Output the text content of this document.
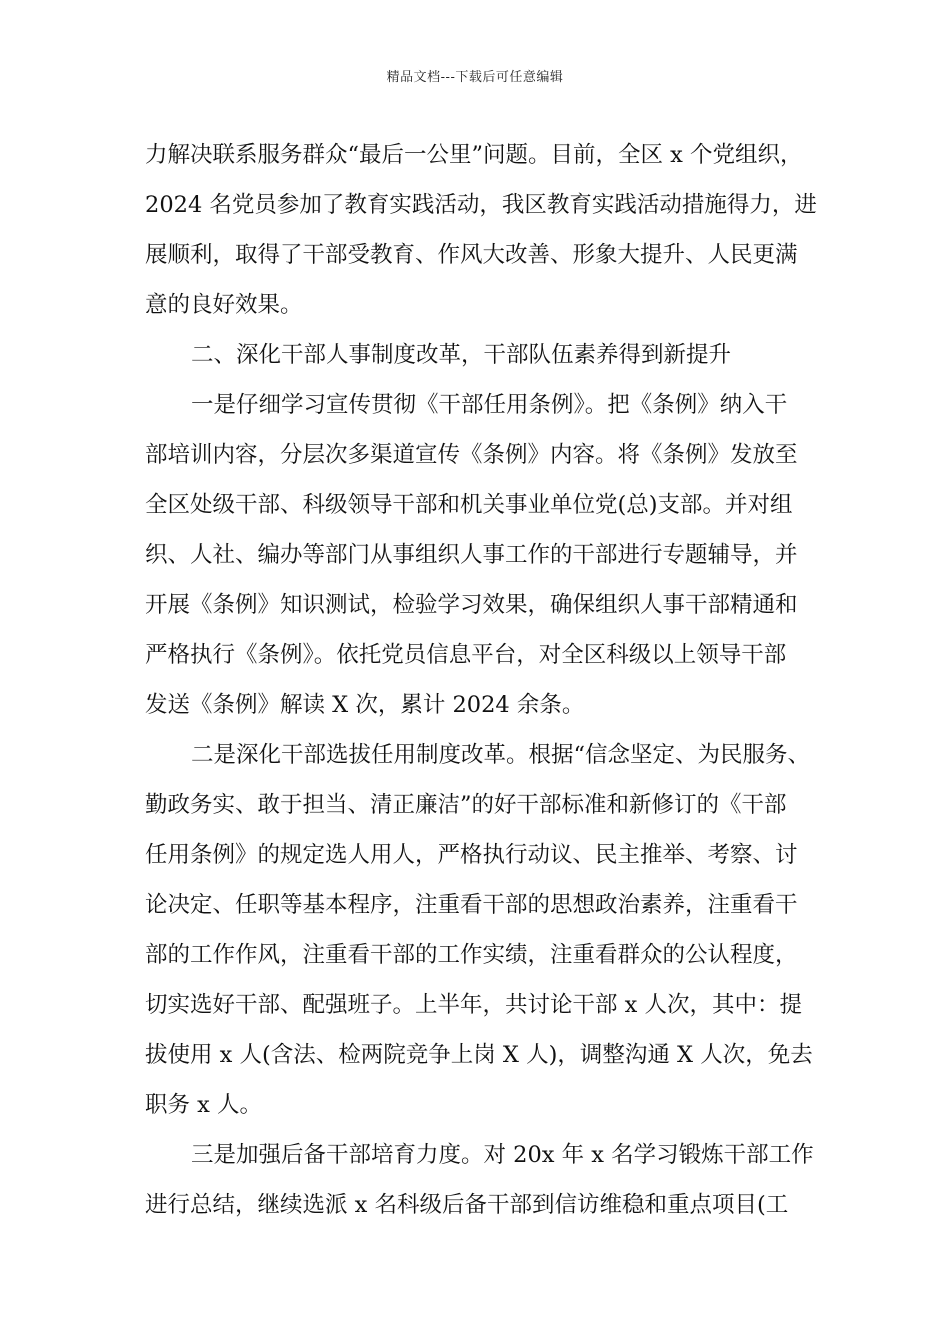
精品文档---下载后可任意编辑
力解决联系服务群众“最后一公里”问题。目前，全区 x 个党组织，
2024 名党员参加了教育实践活动，我区教育实践活动措施得力，进
展顺利，取得了干部受教育、作风大改善、形象大提升、人民更满
意的良好效果。
二、深化干部人事制度改革，干部队伍素养得到新提升
一是仔细学习宣传贯彻《干部任用条例》。把《条例》纳入干
部培训内容，分层次多渠道宣传《条例》内容。将《条例》发放至
全区处级干部、科级领导干部和机关事业单位党(总)支部。并对组
织、人社、编办等部门从事组织人事工作的干部进行专题辅导，并
开展《条例》知识测试，检验学习效果，确保组织人事干部精通和
严格执行《条例》。依托党员信息平台，对全区科级以上领导干部
发送《条例》解读 X 次，累计 2024 余条。
二是深化干部选拔任用制度改革。根据“信念坚定、为民服务、
勤政务实、敢于担当、清正廉洁”的好干部标准和新修订的《干部
任用条例》的规定选人用人，严格执行动议、民主推举、考察、讨
论决定、任职等基本程序，注重看干部的思想政治素养，注重看干
部的工作作风，注重看干部的工作实绩，注重看群众的公认程度，
切实选好干部、配强班子。上半年，共讨论干部 x 人次，其中：提
拔使用 x 人(含法、检两院竞争上岗 X 人)，调整沟通 X 人次，免去
职务 x 人。
三是加强后备干部培育力度。对 20x 年 x 名学习锻炼干部工作
进行总结，继续选派 x 名科级后备干部到信访维稳和重点项目(工
